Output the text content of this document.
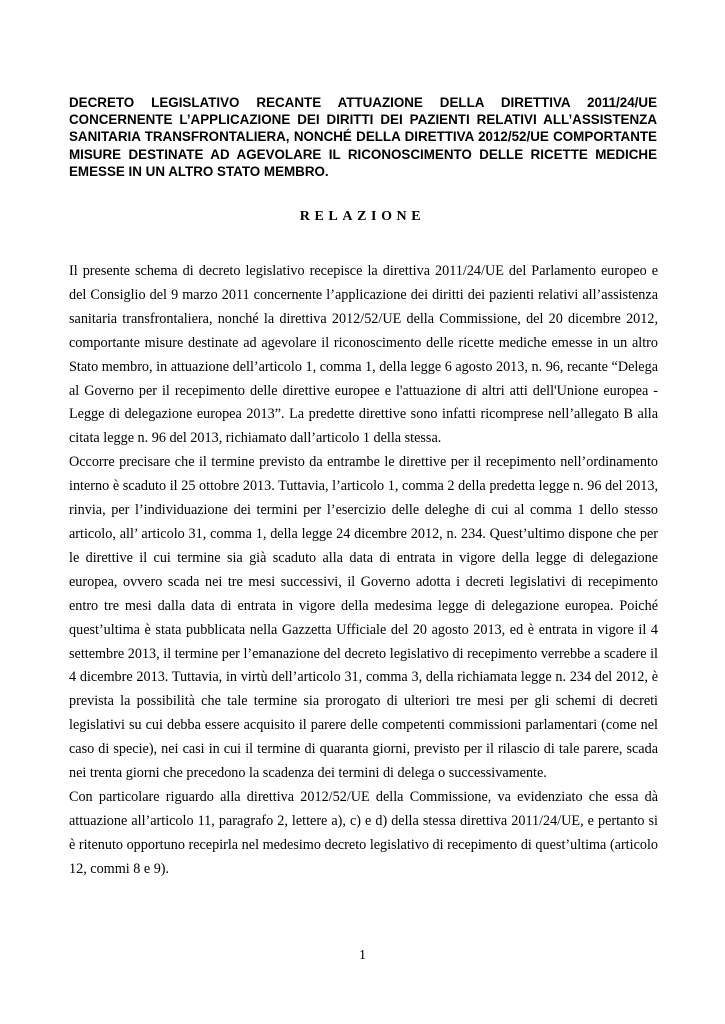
DECRETO LEGISLATIVO RECANTE ATTUAZIONE DELLA DIRETTIVA 2011/24/UE CONCERNENTE L’APPLICAZIONE DEI DIRITTI DEI PAZIENTI RELATIVI ALL’ASSISTENZA SANITARIA TRANSFRONTALIERA, NONCHÉ DELLA DIRETTIVA 2012/52/UE COMPORTANTE MISURE DESTINATE AD AGEVOLARE IL RICONOSCIMENTO DELLE RICETTE MEDICHE EMESSE IN UN ALTRO STATO MEMBRO.

RELAZIONE

Il presente schema di decreto legislativo recepisce la direttiva 2011/24/UE del Parlamento europeo e del Consiglio del 9 marzo 2011 concernente l’applicazione dei diritti dei pazienti relativi all’assistenza sanitaria transfrontaliera, nonché la direttiva 2012/52/UE della Commissione, del 20 dicembre 2012, comportante misure destinate ad agevolare il riconoscimento delle ricette mediche emesse in un altro Stato membro, in attuazione dell’articolo 1, comma 1, della legge 6 agosto 2013, n. 96, recante “Delega al Governo per il recepimento delle direttive europee e l'attuazione di altri atti dell'Unione europea - Legge di delegazione europea 2013”. La predette direttive sono infatti ricomprese nell’allegato B alla citata legge n. 96 del 2013, richiamato dall’articolo 1 della stessa.

Occorre precisare che il termine previsto da entrambe le direttive per il recepimento nell’ordinamento interno è scaduto il 25 ottobre 2013. Tuttavia, l’articolo 1, comma 2 della predetta legge n. 96 del 2013, rinvia, per l’individuazione dei termini per l’esercizio delle deleghe di cui al comma 1 dello stesso articolo, all’ articolo 31, comma 1, della legge 24 dicembre 2012, n. 234. Quest’ultimo dispone che per le direttive il cui termine sia già scaduto alla data di entrata in vigore della legge di delegazione europea, ovvero scada nei tre mesi successivi, il Governo adotta i decreti legislativi di recepimento entro tre mesi dalla data di entrata in vigore della medesima legge di delegazione europea. Poiché quest’ultima è stata pubblicata nella Gazzetta Ufficiale del 20 agosto 2013, ed è entrata in vigore il 4 settembre 2013, il termine per l’emanazione del decreto legislativo di recepimento verrebbe a scadere il 4 dicembre 2013. Tuttavia, in virtù dell’articolo 31, comma 3, della richiamata legge n. 234 del 2012, è prevista la possibilità che tale termine sia prorogato di ulteriori tre mesi per gli schemi di decreti legislativi su cui debba essere acquisito il parere delle competenti commissioni parlamentari (come nel caso di specie), nei casi in cui il termine di quaranta giorni, previsto per il rilascio di tale parere, scada nei trenta giorni che precedono la scadenza dei termini di delega o successivamente.

Con particolare riguardo alla direttiva 2012/52/UE della Commissione, va evidenziato che essa dà attuazione all’articolo 11, paragrafo 2, lettere a), c) e d) della stessa direttiva 2011/24/UE, e pertanto si è ritenuto opportuno recepirla nel medesimo decreto legislativo di recepimento di quest’ultima (articolo 12, commi 8 e 9).

1
